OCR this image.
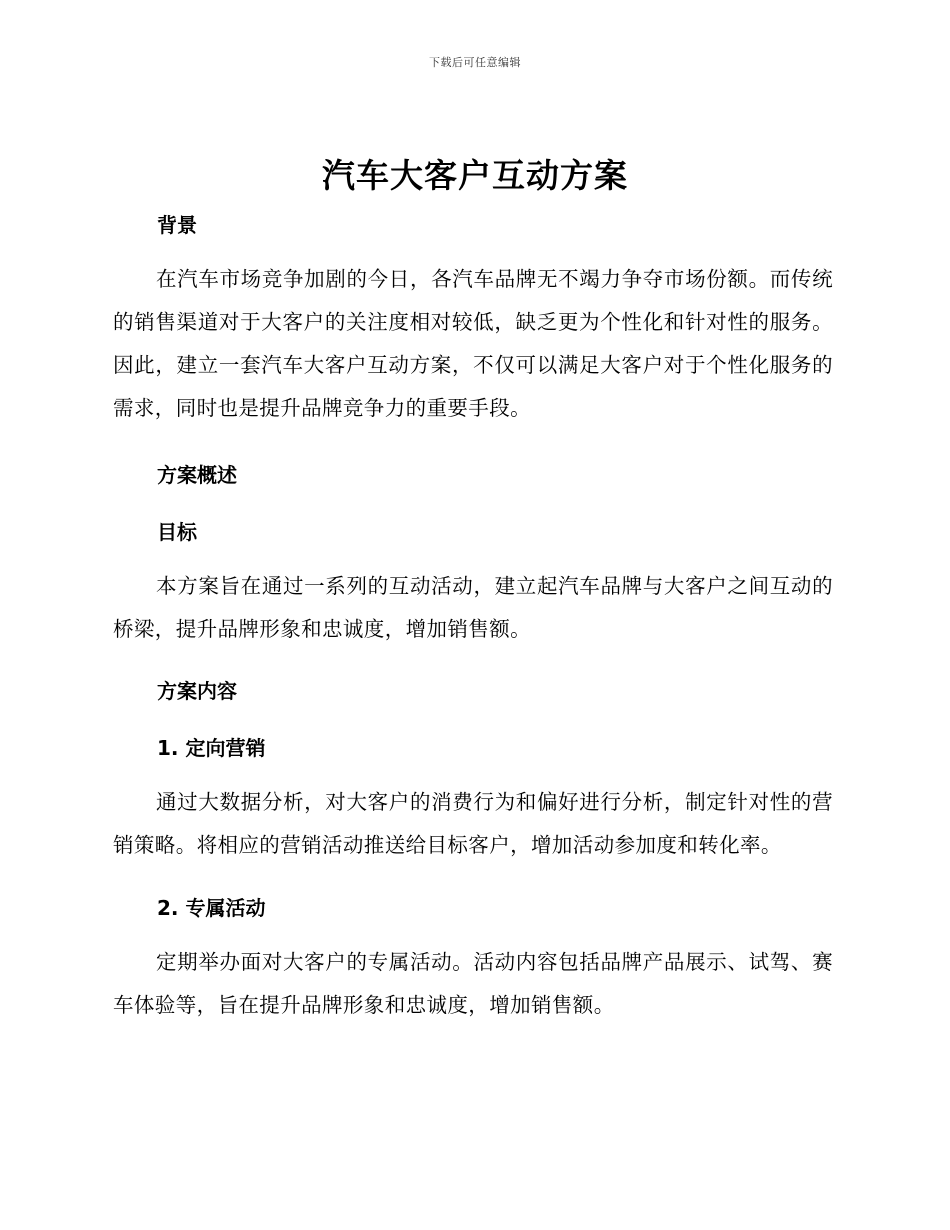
下载后可任意编辑
汽车大客户互动方案
背景

在汽车市场竞争加剧的今日，各汽车品牌无不竭力争夺市场份额。而传统的销售渠道对于大客户的关注度相对较低，缺乏更为个性化和针对性的服务。因此，建立一套汽车大客户互动方案，不仅可以满足大客户对于个性化服务的需求，同时也是提升品牌竞争力的重要手段。

方案概述
目标

本方案旨在通过一系列的互动活动，建立起汽车品牌与大客户之间互动的桥梁，提升品牌形象和忠诚度，增加销售额。

方案内容
1. 定向营销

通过大数据分析，对大客户的消费行为和偏好进行分析，制定针对性的营销策略。将相应的营销活动推送给目标客户，增加活动参加度和转化率。

2. 专属活动

定期举办面对大客户的专属活动。活动内容包括品牌产品展示、试驾、赛车体验等，旨在提升品牌形象和忠诚度，增加销售额。
